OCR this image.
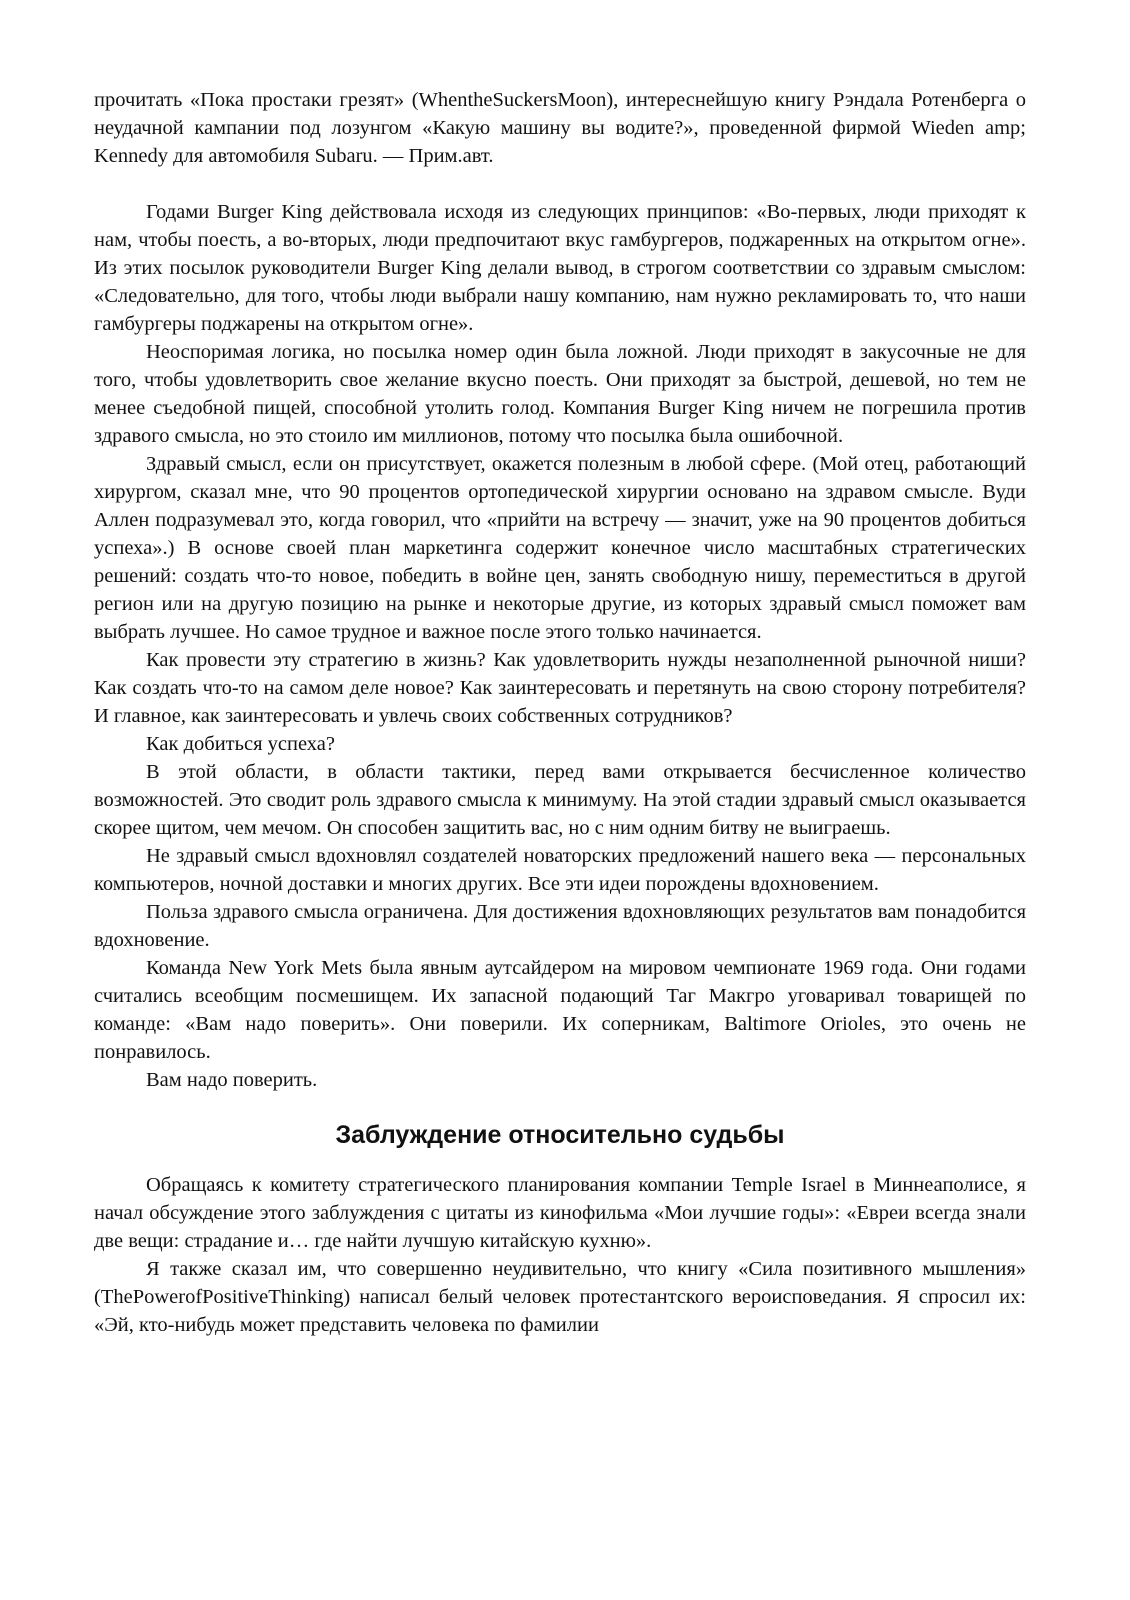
прочитать «Пока простаки грезят» (WhentheSuckersMoon), интереснейшую книгу Рэндала Ротенберга о неудачной кампании под лозунгом «Какую машину вы водите?», проведенной фирмой Wieden amp; Kennedy для автомобиля Subaru. — Прим.авт.

Годами Burger King действовала исходя из следующих принципов: «Во-первых, люди приходят к нам, чтобы поесть, а во-вторых, люди предпочитают вкус гамбургеров, поджаренных на открытом огне». Из этих посылок руководители Burger King делали вывод, в строгом соответствии со здравым смыслом: «Следовательно, для того, чтобы люди выбрали нашу компанию, нам нужно рекламировать то, что наши гамбургеры поджарены на открытом огне».

Неоспоримая логика, но посылка номер один была ложной. Люди приходят в закусочные не для того, чтобы удовлетворить свое желание вкусно поесть. Они приходят за быстрой, дешевой, но тем не менее съедобной пищей, способной утолить голод. Компания Burger King ничем не погрешила против здравого смысла, но это стоило им миллионов, потому что посылка была ошибочной.

Здравый смысл, если он присутствует, окажется полезным в любой сфере. (Мой отец, работающий хирургом, сказал мне, что 90 процентов ортопедической хирургии основано на здравом смысле. Вуди Аллен подразумевал это, когда говорил, что «прийти на встречу — значит, уже на 90 процентов добиться успеха».) В основе своей план маркетинга содержит конечное число масштабных стратегических решений: создать что-то новое, победить в войне цен, занять свободную нишу, переместиться в другой регион или на другую позицию на рынке и некоторые другие, из которых здравый смысл поможет вам выбрать лучшее. Но самое трудное и важное после этого только начинается.

Как провести эту стратегию в жизнь? Как удовлетворить нужды незаполненной рыночной ниши? Как создать что-то на самом деле новое? Как заинтересовать и перетянуть на свою сторону потребителя? И главное, как заинтересовать и увлечь своих собственных сотрудников?

Как добиться успеха?

В этой области, в области тактики, перед вами открывается бесчисленное количество возможностей. Это сводит роль здравого смысла к минимуму. На этой стадии здравый смысл оказывается скорее щитом, чем мечом. Он способен защитить вас, но с ним одним битву не выиграешь.

Не здравый смысл вдохновлял создателей новаторских предложений нашего века — персональных компьютеров, ночной доставки и многих других. Все эти идеи порождены вдохновением.

Польза здравого смысла ограничена. Для достижения вдохновляющих результатов вам понадобится вдохновение.

Команда New York Mets была явным аутсайдером на мировом чемпионате 1969 года. Они годами считались всеобщим посмешищем. Их запасной подающий Таг Макгро уговаривал товарищей по команде: «Вам надо поверить». Они поверили. Их соперникам, Baltimore Orioles, это очень не понравилось.

Вам надо поверить.

Заблуждение относительно судьбы

Обращаясь к комитету стратегического планирования компании Temple Israel в Миннеаполисе, я начал обсуждение этого заблуждения с цитаты из кинофильма «Мои лучшие годы»: «Евреи всегда знали две вещи: страдание и… где найти лучшую китайскую кухню».

Я также сказал им, что совершенно неудивительно, что книгу «Сила позитивного мышления» (ThePowerofPositiveThinking) написал белый человек протестантского вероисповедания. Я спросил их: «Эй, кто-нибудь может представить человека по фамилии
